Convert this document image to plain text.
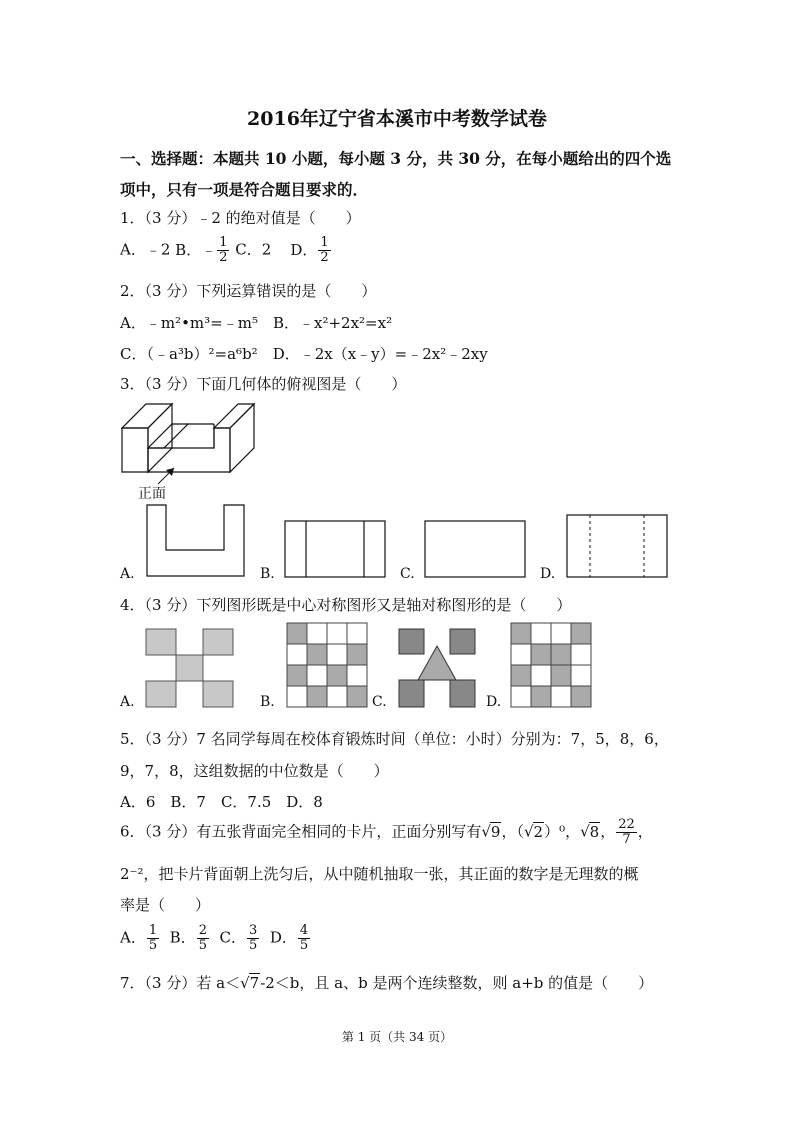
2016年辽宁省本溪市中考数学试卷
一、选择题：本题共 10 小题，每小题 3 分，共 30 分，在每小题给出的四个选
项中，只有一项是符合题目要求的．
1．（3 分）﹣2 的绝对值是（　　）
A．﹣2 B．﹣ $\frac{1}{2}$ C．2 D． $\frac{1}{2}$
2．（3 分）下列运算错误的是（　　）
A．﹣m²•m³=﹣m⁵　B．﹣x²+2x²=x²
C．（﹣a³b）²=a⁶b²　D．﹣2x（x﹣y）=﹣2x²﹣2xy
3．（3 分）下面几何体的俯视图是（　　）
正面
A.	B.	C.	D.
4．（3 分）下列图形既是中心对称图形又是轴对称图形的是（　　）
A.	B.	C.	D.
5．（3 分）7 名同学每周在校体育锻炼时间（单位：小时）分别为：7，5，8，6，
9，7，8，这组数据的中位数是（　　）
A．6　B．7　C．7.5　D．8
6．（3 分）有五张背面完全相同的卡片，正面分别写有√9，（√2）⁰，√8， $\frac{22}{7}$ ，
2⁻²，把卡片背面朝上洗匀后，从中随机抽取一张，其正面的数字是无理数的概
率是（　　）
A． $\frac{1}{5}$ B． $\frac{2}{5}$ C． $\frac{3}{5}$ D． $\frac{4}{5}$
7．（3 分）若 a＜√7-2＜b，且 a、b 是两个连续整数，则 a+b 的值是（　　）
第 1 页（共 34 页）
